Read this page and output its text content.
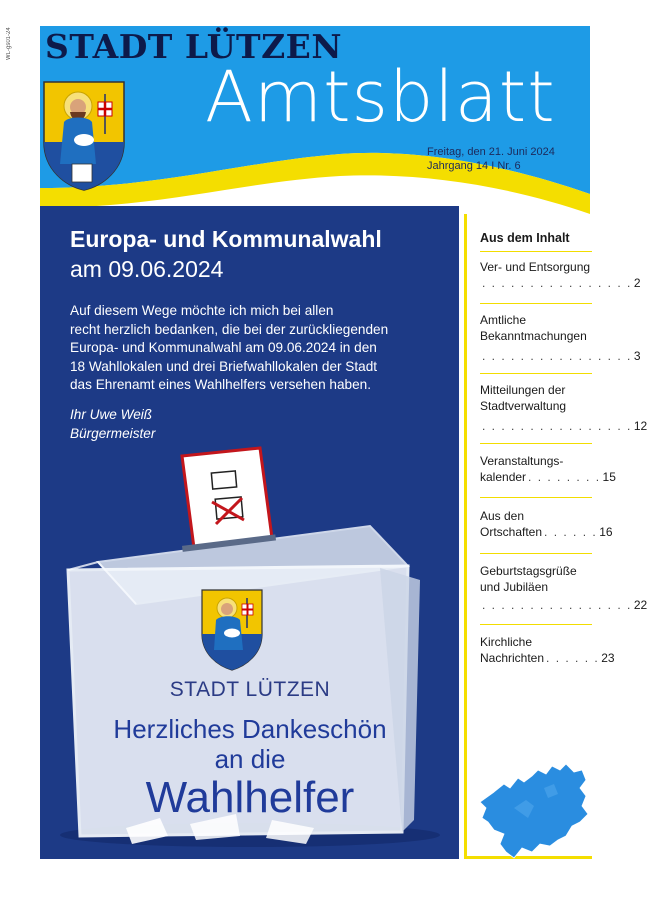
WL-gs01-24 STADT LÜTZEN
Amtsblatt
Freitag, den 21. Juni 2024
Jahrgang 14 I Nr. 6
Europa- und Kommunalwahl
am 09.06.2024
Auf diesem Wege möchte ich mich bei allen
recht herzlich bedanken, die bei der zurückliegenden
Europa- und Kommunalwahl am 09.06.2024 in den
18 Wahllokalen und drei Briefwahllokalen der Stadt
das Ehrenamt eines Wahlhelfers versehen haben.
Ihr Uwe Weiß
Bürgermeister
STADT LÜTZEN
Herzliches Dankeschön
an die
Wahlhelfer
Aus dem Inhalt
Ver- und Entsorgung
. . . . . . . . . . . . . . . . 2
Amtliche
Bekanntmachungen
. . . . . . . . . . . . . . . . 3
Mitteilungen der
Stadtverwaltung
. . . . . . . . . . . . . . . . 12
Veranstaltungs-
kalender . . . . . . . . 15
Aus den
Ortschaften . . . . . . 16
Geburtstagsgrüße
und Jubiläen
. . . . . . . . . . . . . . . . 22
Kirchliche
Nachrichten . . . . . . 23
